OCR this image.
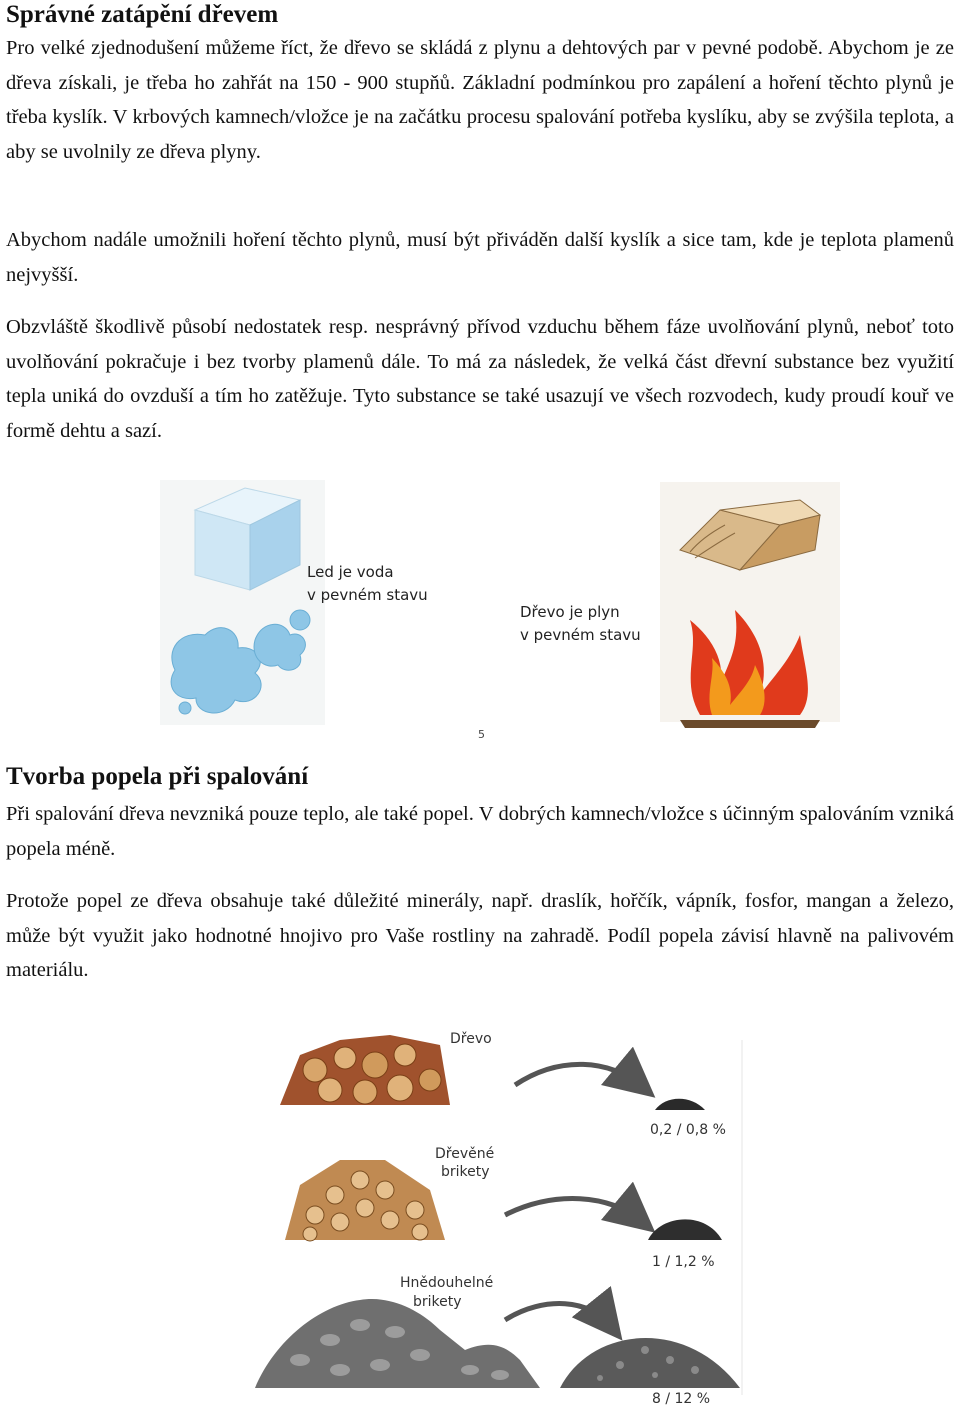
Správné zatápění dřevem

Pro velké zjednodušení můžeme říct, že dřevo se skládá z plynu a dehtových par v pevné podobě. Abychom je ze dřeva získali, je třeba ho zahřát na 150 - 900 stupňů. Základní podmínkou pro zapálení a hoření těchto plynů je třeba kyslík. V krbových kamnech/vložce je na začátku procesu spalování potřeba kyslíku, aby se zvýšila teplota, a aby se uvolnily ze dřeva plyny.

Abychom nadále umožnili hoření těchto plynů, musí být přiváděn další kyslík a sice tam, kde je teplota plamenů nejvyšší.

Obzvláště škodlivě působí nedostatek resp. nesprávný přívod vzduchu během fáze uvolňování plynů, neboť toto uvolňování pokračuje i bez tvorby plamenů dále. To má za následek, že velká část dřevní substance bez využití tepla uniká do ovzduší a tím ho zatěžuje. Tyto substance se také usazují ve všech rozvodech, kudy proudí kouř ve formě dehtu a sazí.

Led je voda
v pevném stavu
Dřevo je plyn
v pevném stavu
5
Tvorba popela při spalování

Při spalování dřeva nevzniká pouze teplo, ale také popel. V dobrých kamnech/vložce s účinným spalováním vzniká popela méně.

Protože popel ze dřeva obsahuje také důležité minerály, např. draslík, hořčík, vápník, fosfor, mangan a železo, může být využit jako hodnotné hnojivo pro Vaše rostliny na zahradě. Podíl popela závisí hlavně na palivovém materiálu.

Dřevo
0,2 / 0,8 %
Dřevěné
brikety
1 / 1,2 %
Hnědouhelné
brikety
8 / 12 %
